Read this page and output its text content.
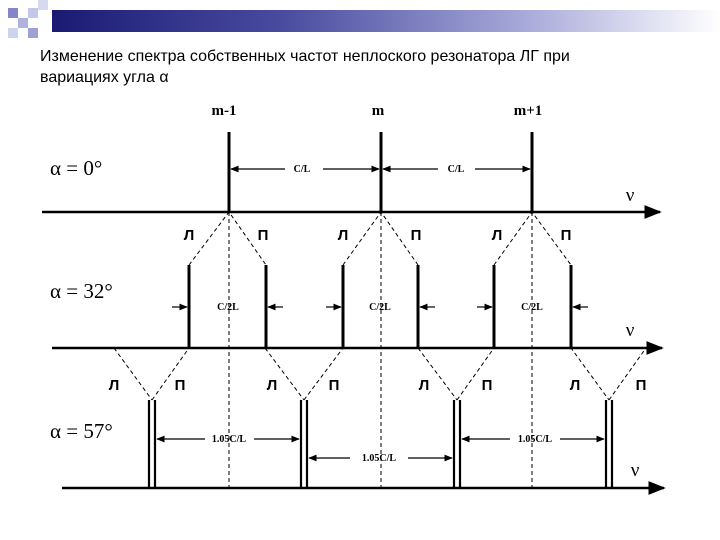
Изменение спектра собственных частот неплоского резонатора ЛГ при
вариациях угла α
m-1	m	m+1
ν
ν
ν
α = 0°
α = 32°
α = 57°
C/L	C/L
C/2L	C/2L	C/2L
1.05C/L
1.05C/L
1.05C/L
Л	П	Л	П	Л	П
Л	П	Л	П	Л	П	Л	П
